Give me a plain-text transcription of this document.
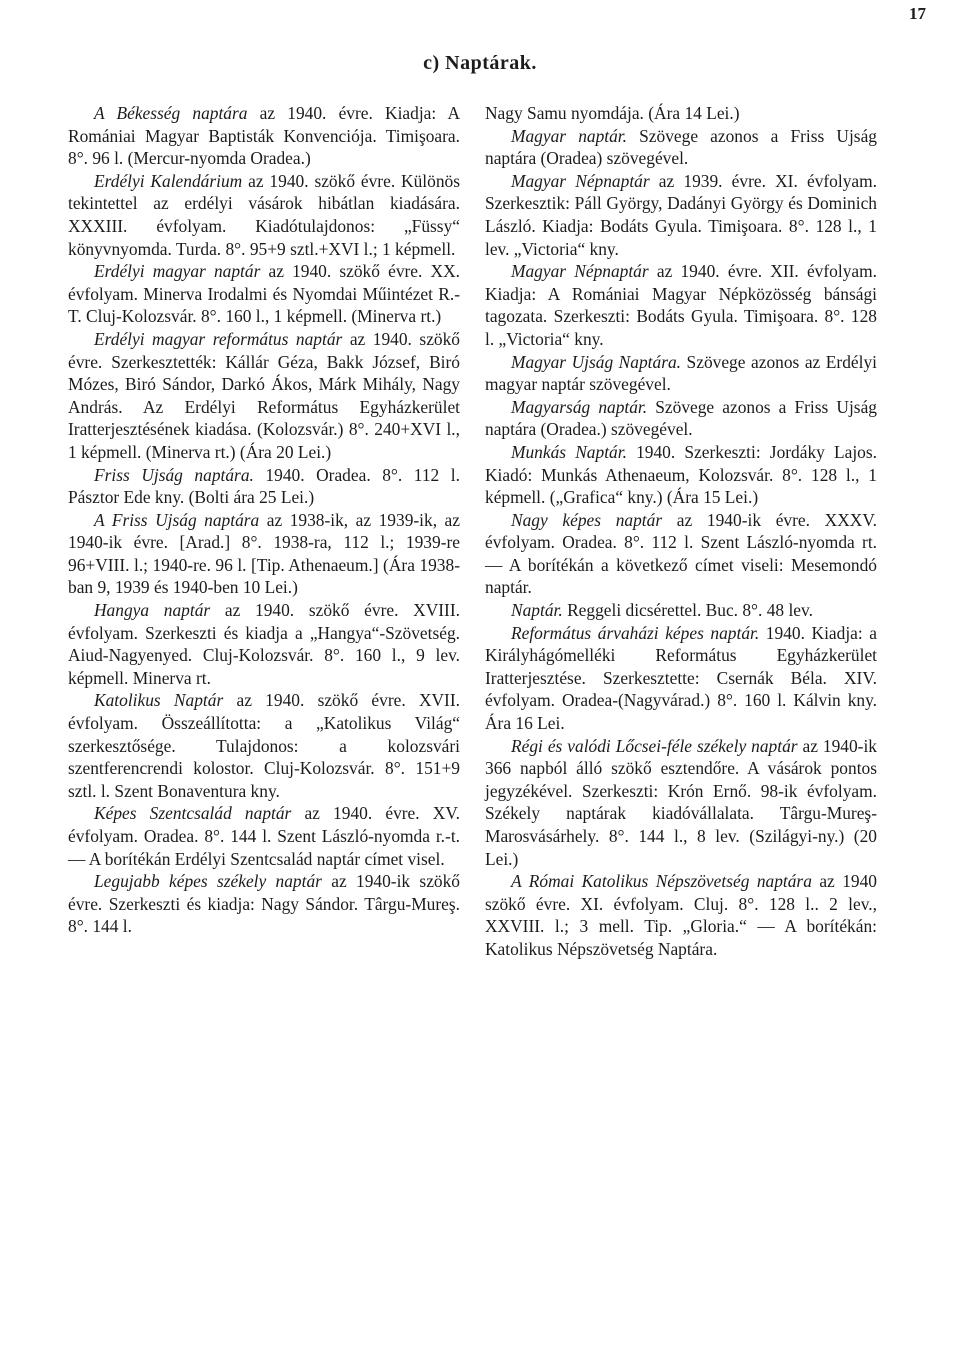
17
c) Naptárak.

A Békesség naptára az 1940. évre. Kiadja: A Romániai Magyar Baptisták Konvenciója. Timişoara. 8°. 96 l. (Mercur-nyomda Oradea.)

Erdélyi Kalendárium az 1940. szökő évre. Különös tekintettel az erdélyi vásárok hibátlan kiadására. XXXIII. évfolyam. Kiadótulajdonos: „Füssy“ könyvnyomda. Turda. 8°. 95+9 sztl.+XVI l.; 1 képmell.

Erdélyi magyar naptár az 1940. szökő évre. XX. évfolyam. Minerva Irodalmi és Nyomdai Műintézet R.-T. Cluj-Kolozsvár. 8°. 160 l., 1 képmell. (Minerva rt.)

Erdélyi magyar református naptár az 1940. szökő évre. Szerkesztették: Kállár Géza, Bakk József, Biró Mózes, Biró Sándor, Darkó Ákos, Márk Mihály, Nagy András. Az Erdélyi Református Egyházkerület Iratterjesztésének kiadása. (Kolozsvár.) 8°. 240+XVI l., 1 képmell. (Minerva rt.) (Ára 20 Lei.)

Friss Ujság naptára. 1940. Oradea. 8°. 112 l. Pásztor Ede kny. (Bolti ára 25 Lei.)

A Friss Ujság naptára az 1938-ik, az 1939-ik, az 1940-ik évre. [Arad.] 8°. 1938-ra, 112 l.; 1939-re 96+VIII. l.; 1940-re. 96 l. [Tip. Athenaeum.] (Ára 1938-ban 9, 1939 és 1940-ben 10 Lei.)

Hangya naptár az 1940. szökő évre. XVIII. évfolyam. Szerkeszti és kiadja a „Hangya“-Szövetség. Aiud-Nagyenyed. Cluj-Kolozsvár. 8°. 160 l., 9 lev. képmell. Minerva rt.

Katolikus Naptár az 1940. szökő évre. XVII. évfolyam. Összeállította: a „Katolikus Világ“ szerkesztősége. Tulajdonos: a kolozsvári szentferencrendi kolostor. Cluj-Kolozsvár. 8°. 151+9 sztl. l. Szent Bonaventura kny.

Képes Szentcsalád naptár az 1940. évre. XV. évfolyam. Oradea. 8°. 144 l. Szent László-nyomda r.-t. — A borítékán Erdélyi Szentcsalád naptár címet visel.

Legujabb képes székely naptár az 1940-ik szökő évre. Szerkeszti és kiadja: Nagy Sándor. Târgu-Mureş. 8°. 144 l.

Nagy Samu nyomdája. (Ára 14 Lei.)

Magyar naptár. Szövege azonos a Friss Ujság naptára (Oradea) szövegével.

Magyar Népnaptár az 1939. évre. XI. évfolyam. Szerkesztik: Páll György, Dadányi György és Dominich László. Kiadja: Bodáts Gyula. Timişoara. 8°. 128 l., 1 lev. „Victoria“ kny.

Magyar Népnaptár az 1940. évre. XII. évfolyam. Kiadja: A Romániai Magyar Népközösség bánsági tagozata. Szerkeszti: Bodáts Gyula. Timişoara. 8°. 128 l. „Victoria“ kny.

Magyar Ujság Naptára. Szövege azonos az Erdélyi magyar naptár szövegével.

Magyarság naptár. Szövege azonos a Friss Ujság naptára (Oradea.) szövegével.

Munkás Naptár. 1940. Szerkeszti: Jordáky Lajos. Kiadó: Munkás Athenaeum, Kolozsvár. 8°. 128 l., 1 képmell. („Grafica“ kny.) (Ára 15 Lei.)

Nagy képes naptár az 1940-ik évre. XXXV. évfolyam. Oradea. 8°. 112 l. Szent László-nyomda rt. — A borítékán a következő címet viseli: Mesemondó naptár.

Naptár. Reggeli dicsérettel. Buc. 8°. 48 lev.

Református árvaházi képes naptár. 1940. Kiadja: a Királyhágómelléki Református Egyházkerület Iratterjesztése. Szerkesztette: Csernák Béla. XIV. évfolyam. Oradea-(Nagyvárad.) 8°. 160 l. Kálvin kny. Ára 16 Lei.

Régi és valódi Lőcsei-féle székely naptár az 1940-ik 366 napból álló szökő esztendőre. A vásárok pontos jegyzékével. Szerkeszti: Krón Ernő. 98-ik évfolyam. Székely naptárak kiadóvállalata. Târgu-Mureş-Marosvásárhely. 8°. 144 l., 8 lev. (Szilágyi-ny.) (20 Lei.)

A Római Katolikus Népszövetség naptára az 1940 szökő évre. XI. évfolyam. Cluj. 8°. 128 l.. 2 lev., XXVIII. l.; 3 mell. Tip. „Gloria.“ — A borítékán: Katolikus Népszövetség Naptára.
